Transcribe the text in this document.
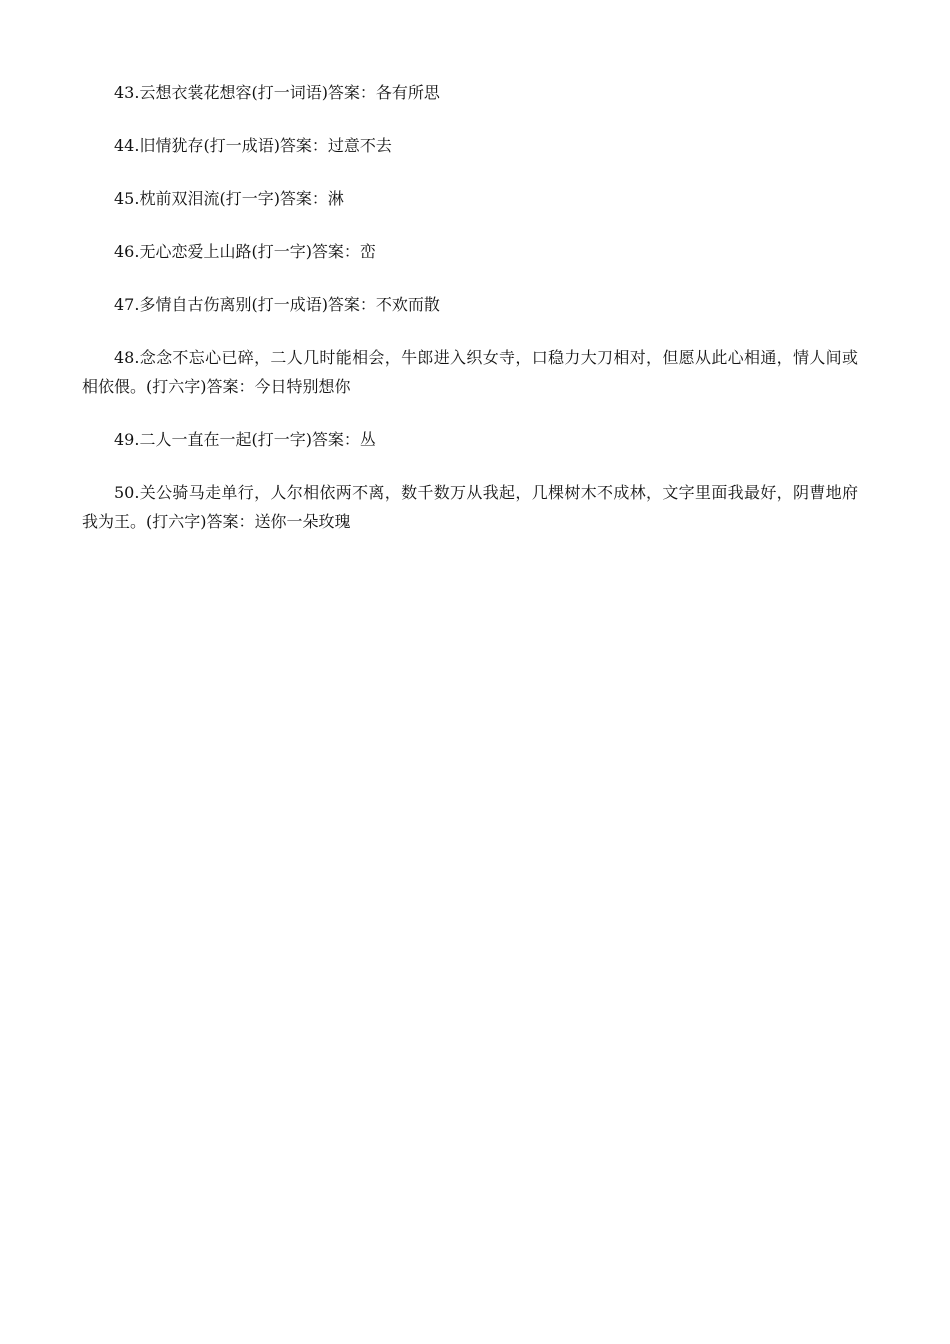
43.云想衣裳花想容(打一词语)答案：各有所思

44.旧情犹存(打一成语)答案：过意不去

45.枕前双泪流(打一字)答案：淋

46.无心恋爱上山路(打一字)答案：峦

47.多情自古伤离别(打一成语)答案：不欢而散

48.念念不忘心已碎，二人几时能相会，牛郎进入织女寺，口稳力大刀相对，但愿从此心相通，情人间或相依偎。(打六字)答案：今日特别想你

49.二人一直在一起(打一字)答案：丛

50.关公骑马走单行，人尔相依两不离，数千数万从我起，几棵树木不成林，文字里面我最好，阴曹地府我为王。(打六字)答案：送你一朵玫瑰
